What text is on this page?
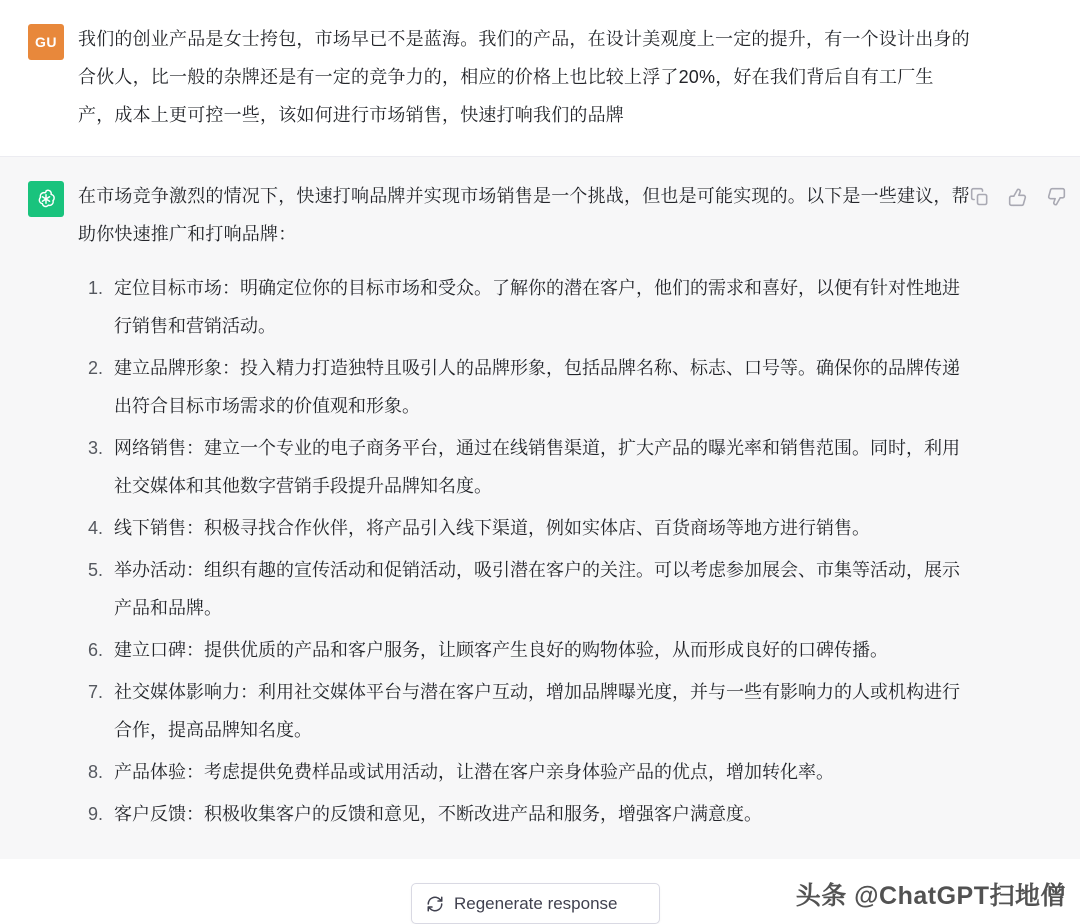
GU	我们的创业产品是女士挎包，市场早已不是蓝海。我们的产品，在设计美观度上一定的提升，有一个设计出身的合伙人，比一般的杂牌还是有一定的竞争力的，相应的价格上也比较上浮了20%，好在我们背后自有工厂生产，成本上更可控一些，该如何进行市场销售，快速打响我们的品牌

在市场竞争激烈的情况下，快速打响品牌并实现市场销售是一个挑战，但也是可能实现的。以下是一些建议，帮助你快速推广和打响品牌：

1. 定位目标市场：明确定位你的目标市场和受众。了解你的潜在客户，他们的需求和喜好，以便有针对性地进行销售和营销活动。
2. 建立品牌形象：投入精力打造独特且吸引人的品牌形象，包括品牌名称、标志、口号等。确保你的品牌传递出符合目标市场需求的价值观和形象。
3. 网络销售：建立一个专业的电子商务平台，通过在线销售渠道，扩大产品的曝光率和销售范围。同时，利用社交媒体和其他数字营销手段提升品牌知名度。
4. 线下销售：积极寻找合作伙伴，将产品引入线下渠道，例如实体店、百货商场等地方进行销售。
5. 举办活动：组织有趣的宣传活动和促销活动，吸引潜在客户的关注。可以考虑参加展会、市集等活动，展示产品和品牌。
6. 建立口碑：提供优质的产品和客户服务，让顾客产生良好的购物体验，从而形成良好的口碑传播。
7. 社交媒体影响力：利用社交媒体平台与潜在客户互动，增加品牌曝光度，并与一些有影响力的人或机构进行合作，提高品牌知名度。
8. 产品体验：考虑提供免费样品或试用活动，让潜在客户亲身体验产品的优点，增加转化率。
9. 客户反馈：积极收集客户的反馈和意见，不断改进产品和服务，增强客户满意度。
Regenerate response	头条 @ChatGPT扫地僧
